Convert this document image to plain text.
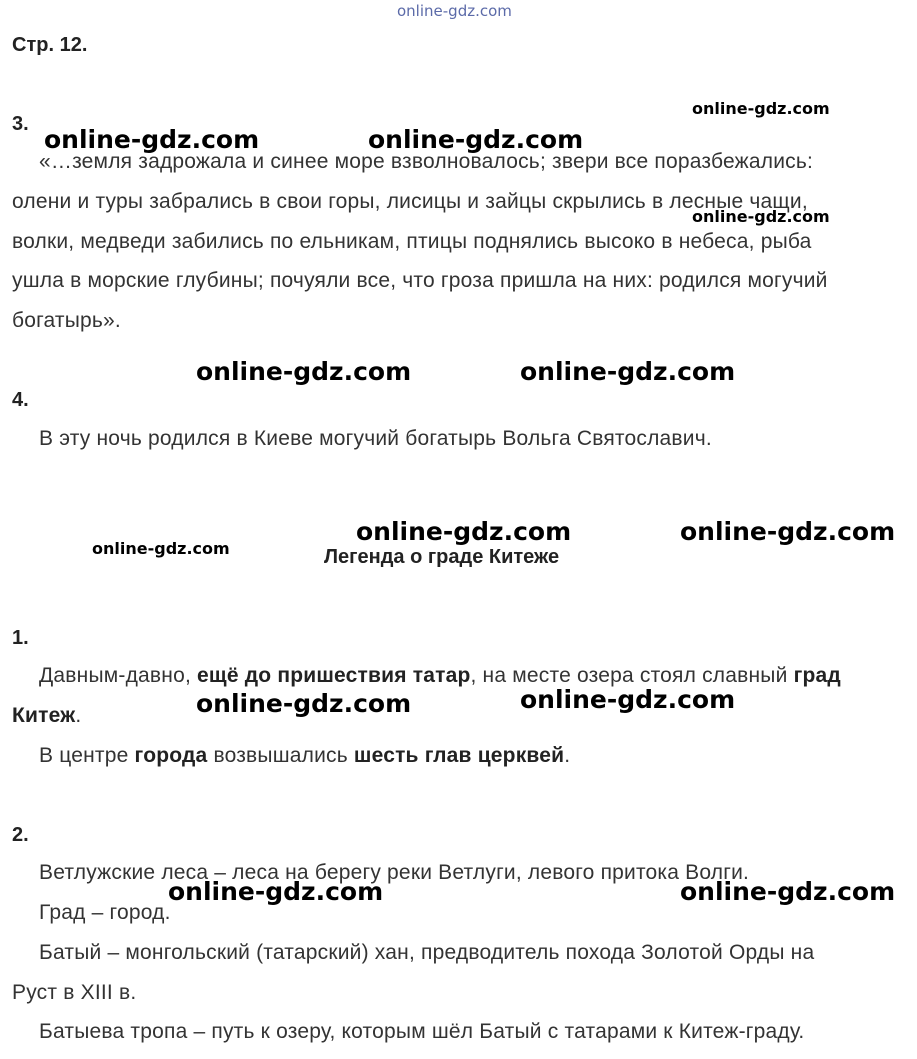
online-gdz.com
Стр. 12.
3.
online-gdz.com
online-gdz.com	online-gdz.com
«…земля задрожала и синее море взволновалось; звери все поразбежались:
олени и туры забрались в свои горы, лисицы и зайцы скрылись в лесные чащи,
online-gdz.com
волки, медведи забились по ельникам, птицы поднялись высоко в небеса, рыба
ушла в морские глубины; почуяли все, что гроза пришла на них: родился могучий
богатырь».
online-gdz.com	online-gdz.com
4.
В эту ночь родился в Киеве могучий богатырь Вольга Святославич.
online-gdz.com	online-gdz.com
online-gdz.com	Легенда о граде Китеже
1.
Давным-давно, ещё до пришествия татар, на месте озера стоял славный град
online-gdz.com	online-gdz.com
Китеж.
В центре города возвышались шесть глав церквей.
2.
Ветлужские леса – леса на берегу реки Ветлуги, левого притока Волги.
online-gdz.com	online-gdz.com
Град – город.
Батый – монгольский (татарский) хан, предводитель похода Золотой Орды на
Руст в XIII в.
Батыева тропа – путь к озеру, которым шёл Батый с татарами к Китеж-граду.
